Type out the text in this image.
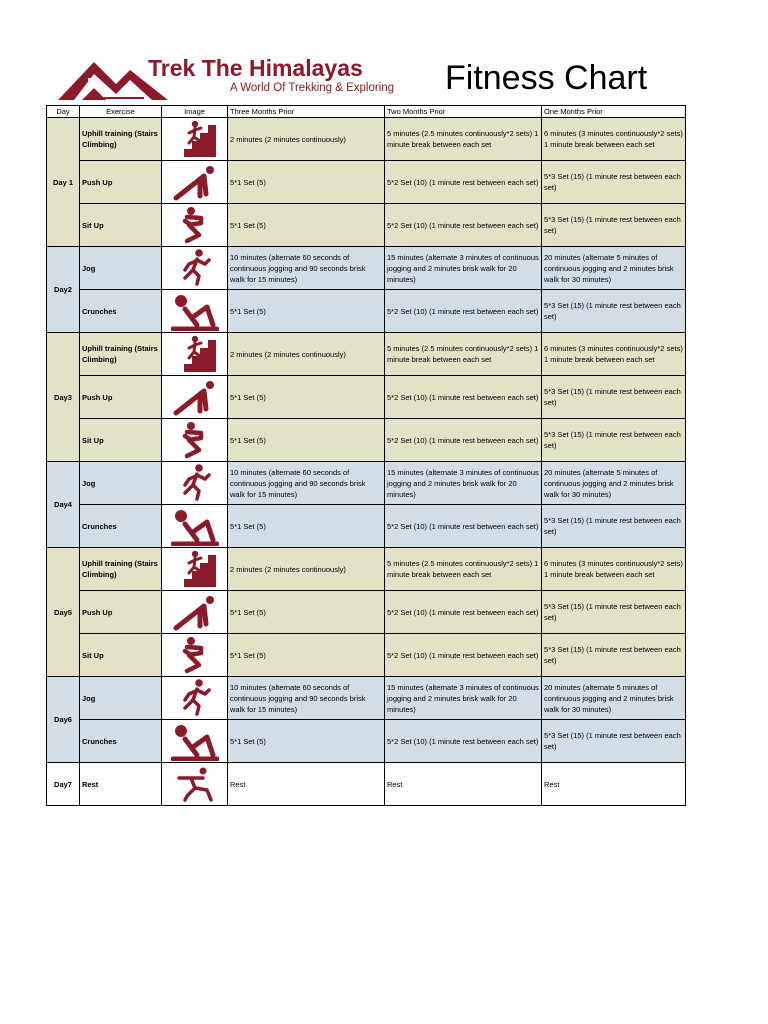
Trek The Himalayas
A World Of Trekking & Exploring Fitness Chart
Day	Exercise	Image	Three Months Prior	Two Months Prior	One Months Prior
Day 1	Uphill training (Stairs Climbing)		2 minutes (2 minutes continuously)	5 minutes (2.5 minutes continuously*2 sets) 1 minute break between each set	6 minutes (3 minutes continuously*2 sets) 1 minute break between each set
	Push Up		5*1 Set (5)	5*2 Set (10) (1 minute rest between each set)	5*3 Set (15) (1 minute rest between each set)
	Sit Up		5*1 Set (5)	5*2 Set (10) (1 minute rest between each set)	5*3 Set (15) (1 minute rest between each set)
Day2	Jog		10 minutes (alternate 60 seconds of continuous jogging and 90 seconds brisk walk for 15 minutes)	15 minutes (alternate 3 minutes of continuous jogging and 2 minutes brisk walk for 20 minutes)	20 minutes (alternate 5 minutes of continuous jogging and 2 minutes brisk walk for 30 minutes)
	Crunches		5*1 Set (5)	5*2 Set (10) (1 minute rest between each set)	5*3 Set (15) (1 minute rest between each set)
Day3	Uphill training (Stairs Climbing)		2 minutes (2 minutes continuously)	5 minutes (2.5 minutes continuously*2 sets) 1 minute break between each set	6 minutes (3 minutes continuously*2 sets) 1 minute break between each set
	Push Up		5*1 Set (5)	5*2 Set (10) (1 minute rest between each set)	5*3 Set (15) (1 minute rest between each set)
	Sit Up		5*1 Set (5)	5*2 Set (10) (1 minute rest between each set)	5*3 Set (15) (1 minute rest between each set)
Day4	Jog		10 minutes (alternate 60 seconds of continuous jogging and 90 seconds brisk walk for 15 minutes)	15 minutes (alternate 3 minutes of continuous jogging and 2 minutes brisk walk for 20 minutes)	20 minutes (alternate 5 minutes of continuous jogging and 2 minutes brisk walk for 30 minutes)
	Crunches		5*1 Set (5)	5*2 Set (10) (1 minute rest between each set)	5*3 Set (15) (1 minute rest between each set)
Day5	Uphill training (Stairs Climbing)		2 minutes (2 minutes continuously)	5 minutes (2.5 minutes continuously*2 sets) 1 minute break between each set	6 minutes (3 minutes continuously*2 sets) 1 minute break between each set
	Push Up		5*1 Set (5)	5*2 Set (10) (1 minute rest between each set)	5*3 Set (15) (1 minute rest between each set)
	Sit Up		5*1 Set (5)	5*2 Set (10) (1 minute rest between each set)	5*3 Set (15) (1 minute rest between each set)
Day6	Jog		10 minutes (alternate 60 seconds of continuous jogging and 90 seconds brisk walk for 15 minutes)	15 minutes (alternate 3 minutes of continuous jogging and 2 minutes brisk walk for 20 minutes)	20 minutes (alternate 5 minutes of continuous jogging and 2 minutes brisk walk for 30 minutes)
	Crunches		5*1 Set (5)	5*2 Set (10) (1 minute rest between each set)	5*3 Set (15) (1 minute rest between each set)
Day7	Rest		Rest	Rest	Rest
